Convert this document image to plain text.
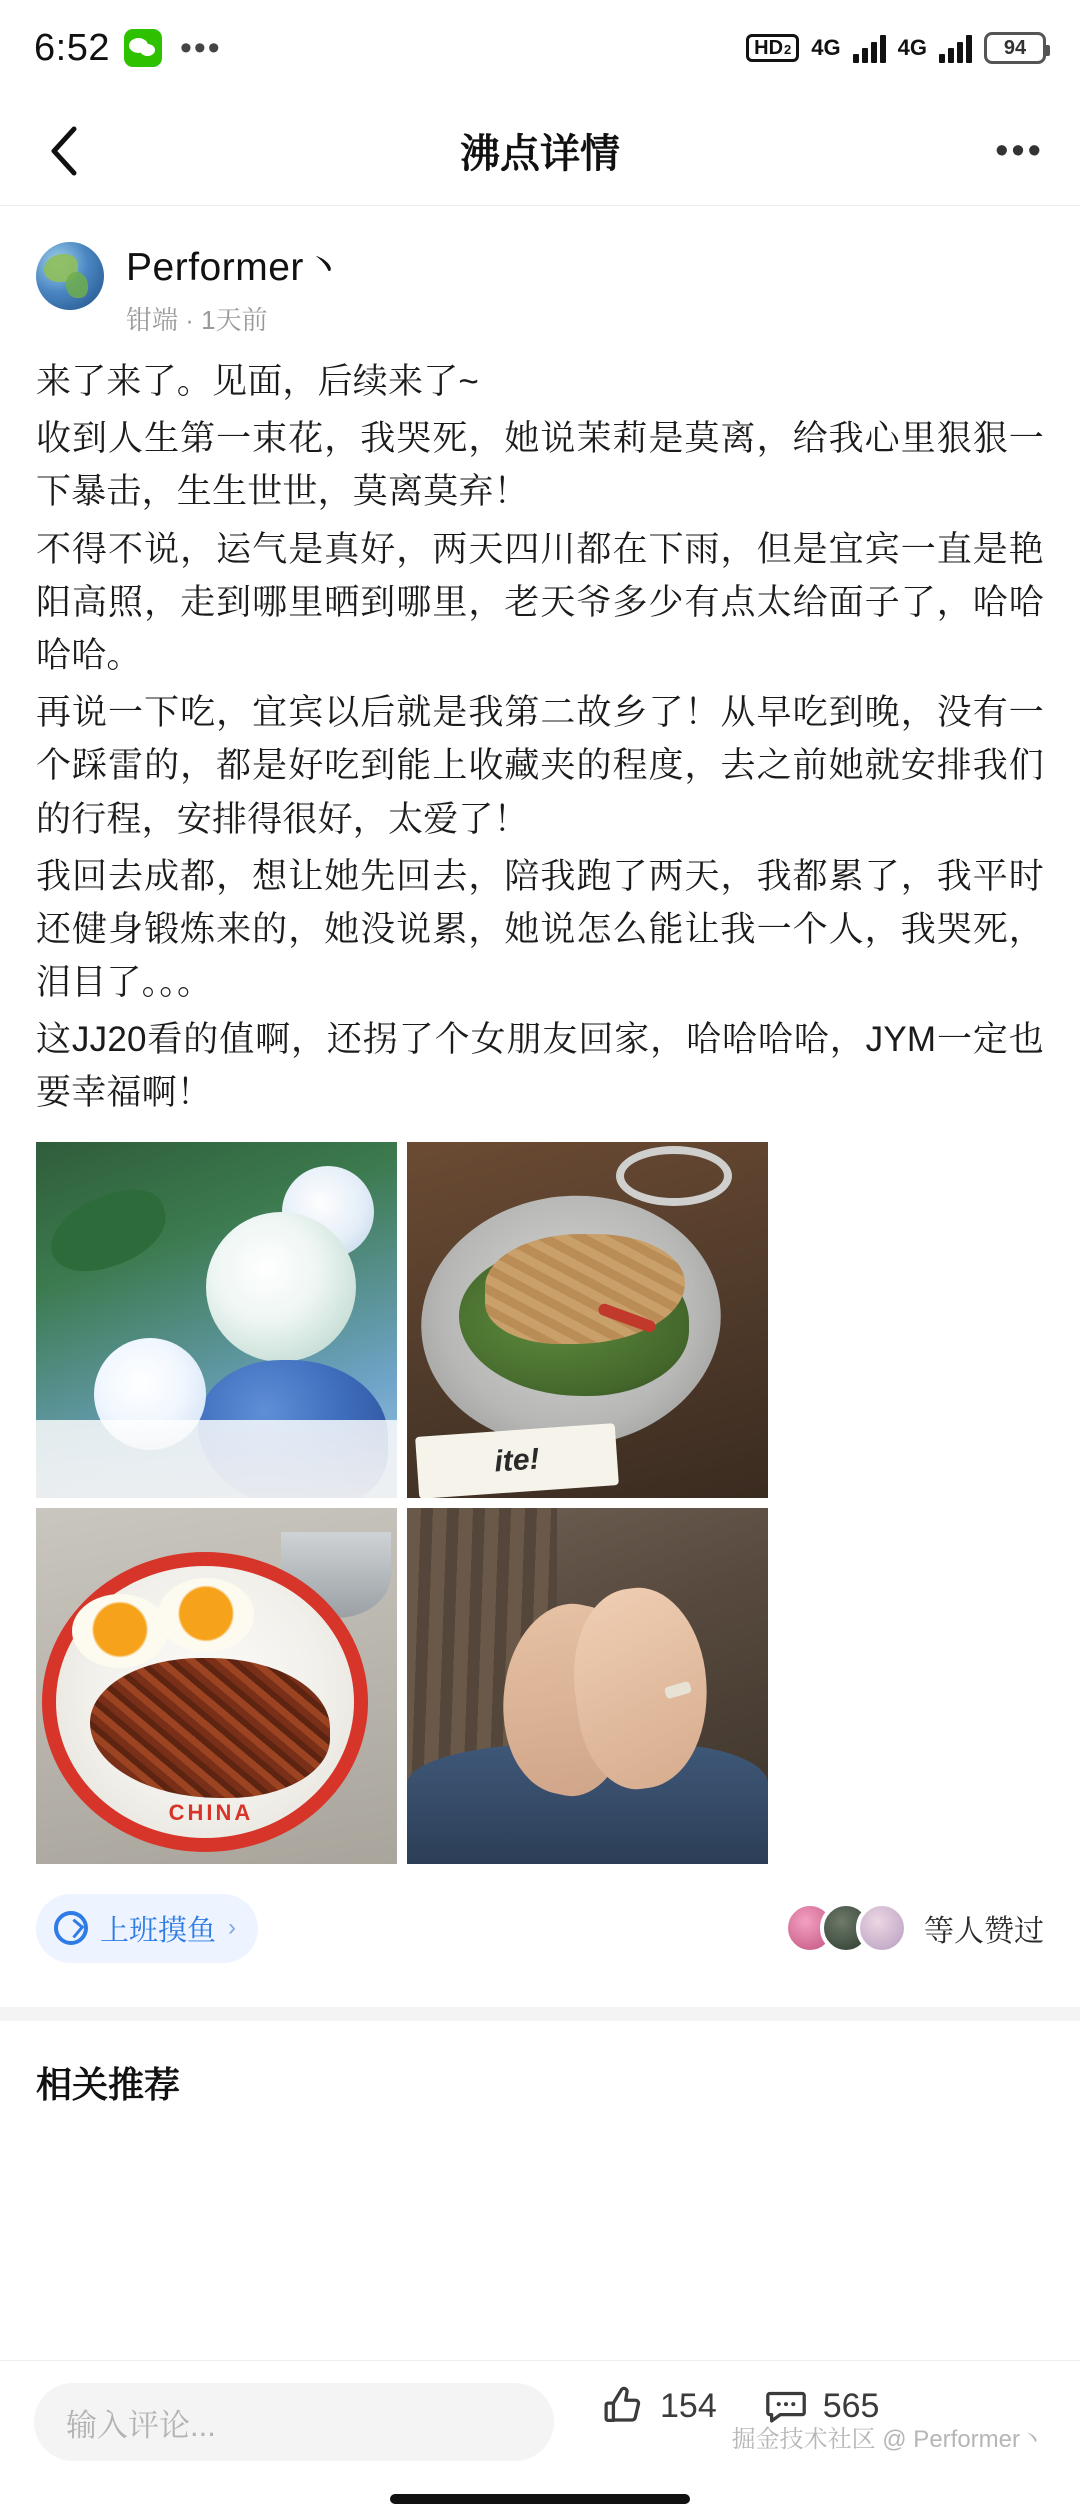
6:52 •••	HD 2 4G	4G	94
沸点详情	•••
Performer丶
钳端 · 1天前

来了来了。见面，后续来了~

收到人生第一束花，我哭死，她说茉莉是莫离，给我心里狠狠一下暴击，生生世世，莫离莫弃！

不得不说，运气是真好，两天四川都在下雨，但是宜宾一直是艳阳高照，走到哪里晒到哪里，老天爷多少有点太给面子了，哈哈哈哈。

再说一下吃，宜宾以后就是我第二故乡了！从早吃到晚，没有一个踩雷的，都是好吃到能上收藏夹的程度，去之前她就安排我们的行程，安排得很好，太爱了！

我回去成都，想让她先回去，陪我跑了两天，我都累了，我平时还健身锻炼来的，她没说累，她说怎么能让我一个人，我哭死，泪目了。。。

这JJ20看的值啊，还拐了个女朋友回家，哈哈哈哈，JYM一定也要幸福啊！

ite!
CHINA
上班摸鱼 ›	等人赞过
相关推荐
输入评论...
154	565
掘金技术社区 @ Performer丶
